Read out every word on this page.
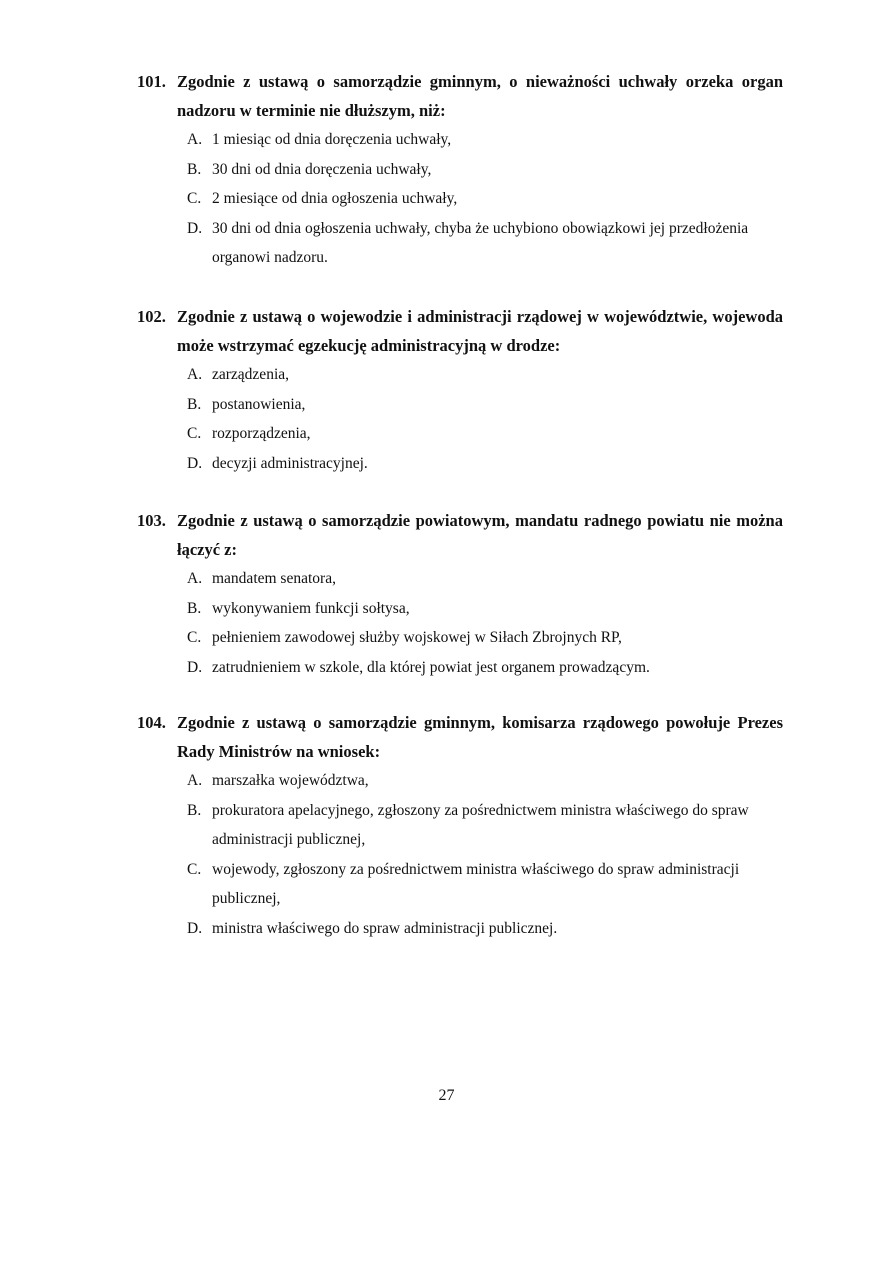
101. Zgodnie z ustawą o samorządzie gminnym, o nieważności uchwały orzeka organ nadzoru w terminie nie dłuższym, niż:
A. 1 miesiąc od dnia doręczenia uchwały,
B. 30 dni od dnia doręczenia uchwały,
C. 2 miesiące od dnia ogłoszenia uchwały,
D. 30 dni od dnia ogłoszenia uchwały, chyba że uchybiono obowiązkowi jej przedłożenia organowi nadzoru.
102. Zgodnie z ustawą o wojewodzie i administracji rządowej w województwie, wojewoda może wstrzymać egzekucję administracyjną w drodze:
A. zarządzenia,
B. postanowienia,
C. rozporządzenia,
D. decyzji administracyjnej.
103. Zgodnie z ustawą o samorządzie powiatowym, mandatu radnego powiatu nie można łączyć z:
A. mandatem senatora,
B. wykonywaniem funkcji sołtysa,
C. pełnieniem zawodowej służby wojskowej w Siłach Zbrojnych RP,
D. zatrudnieniem w szkole, dla której powiat jest organem prowadzącym.
104. Zgodnie z ustawą o samorządzie gminnym, komisarza rządowego powołuje Prezes Rady Ministrów na wniosek:
A. marszałka województwa,
B. prokuratora apelacyjnego, zgłoszony za pośrednictwem ministra właściwego do spraw administracji publicznej,
C. wojewody, zgłoszony za pośrednictwem ministra właściwego do spraw administracji publicznej,
D. ministra właściwego do spraw administracji publicznej.
27
